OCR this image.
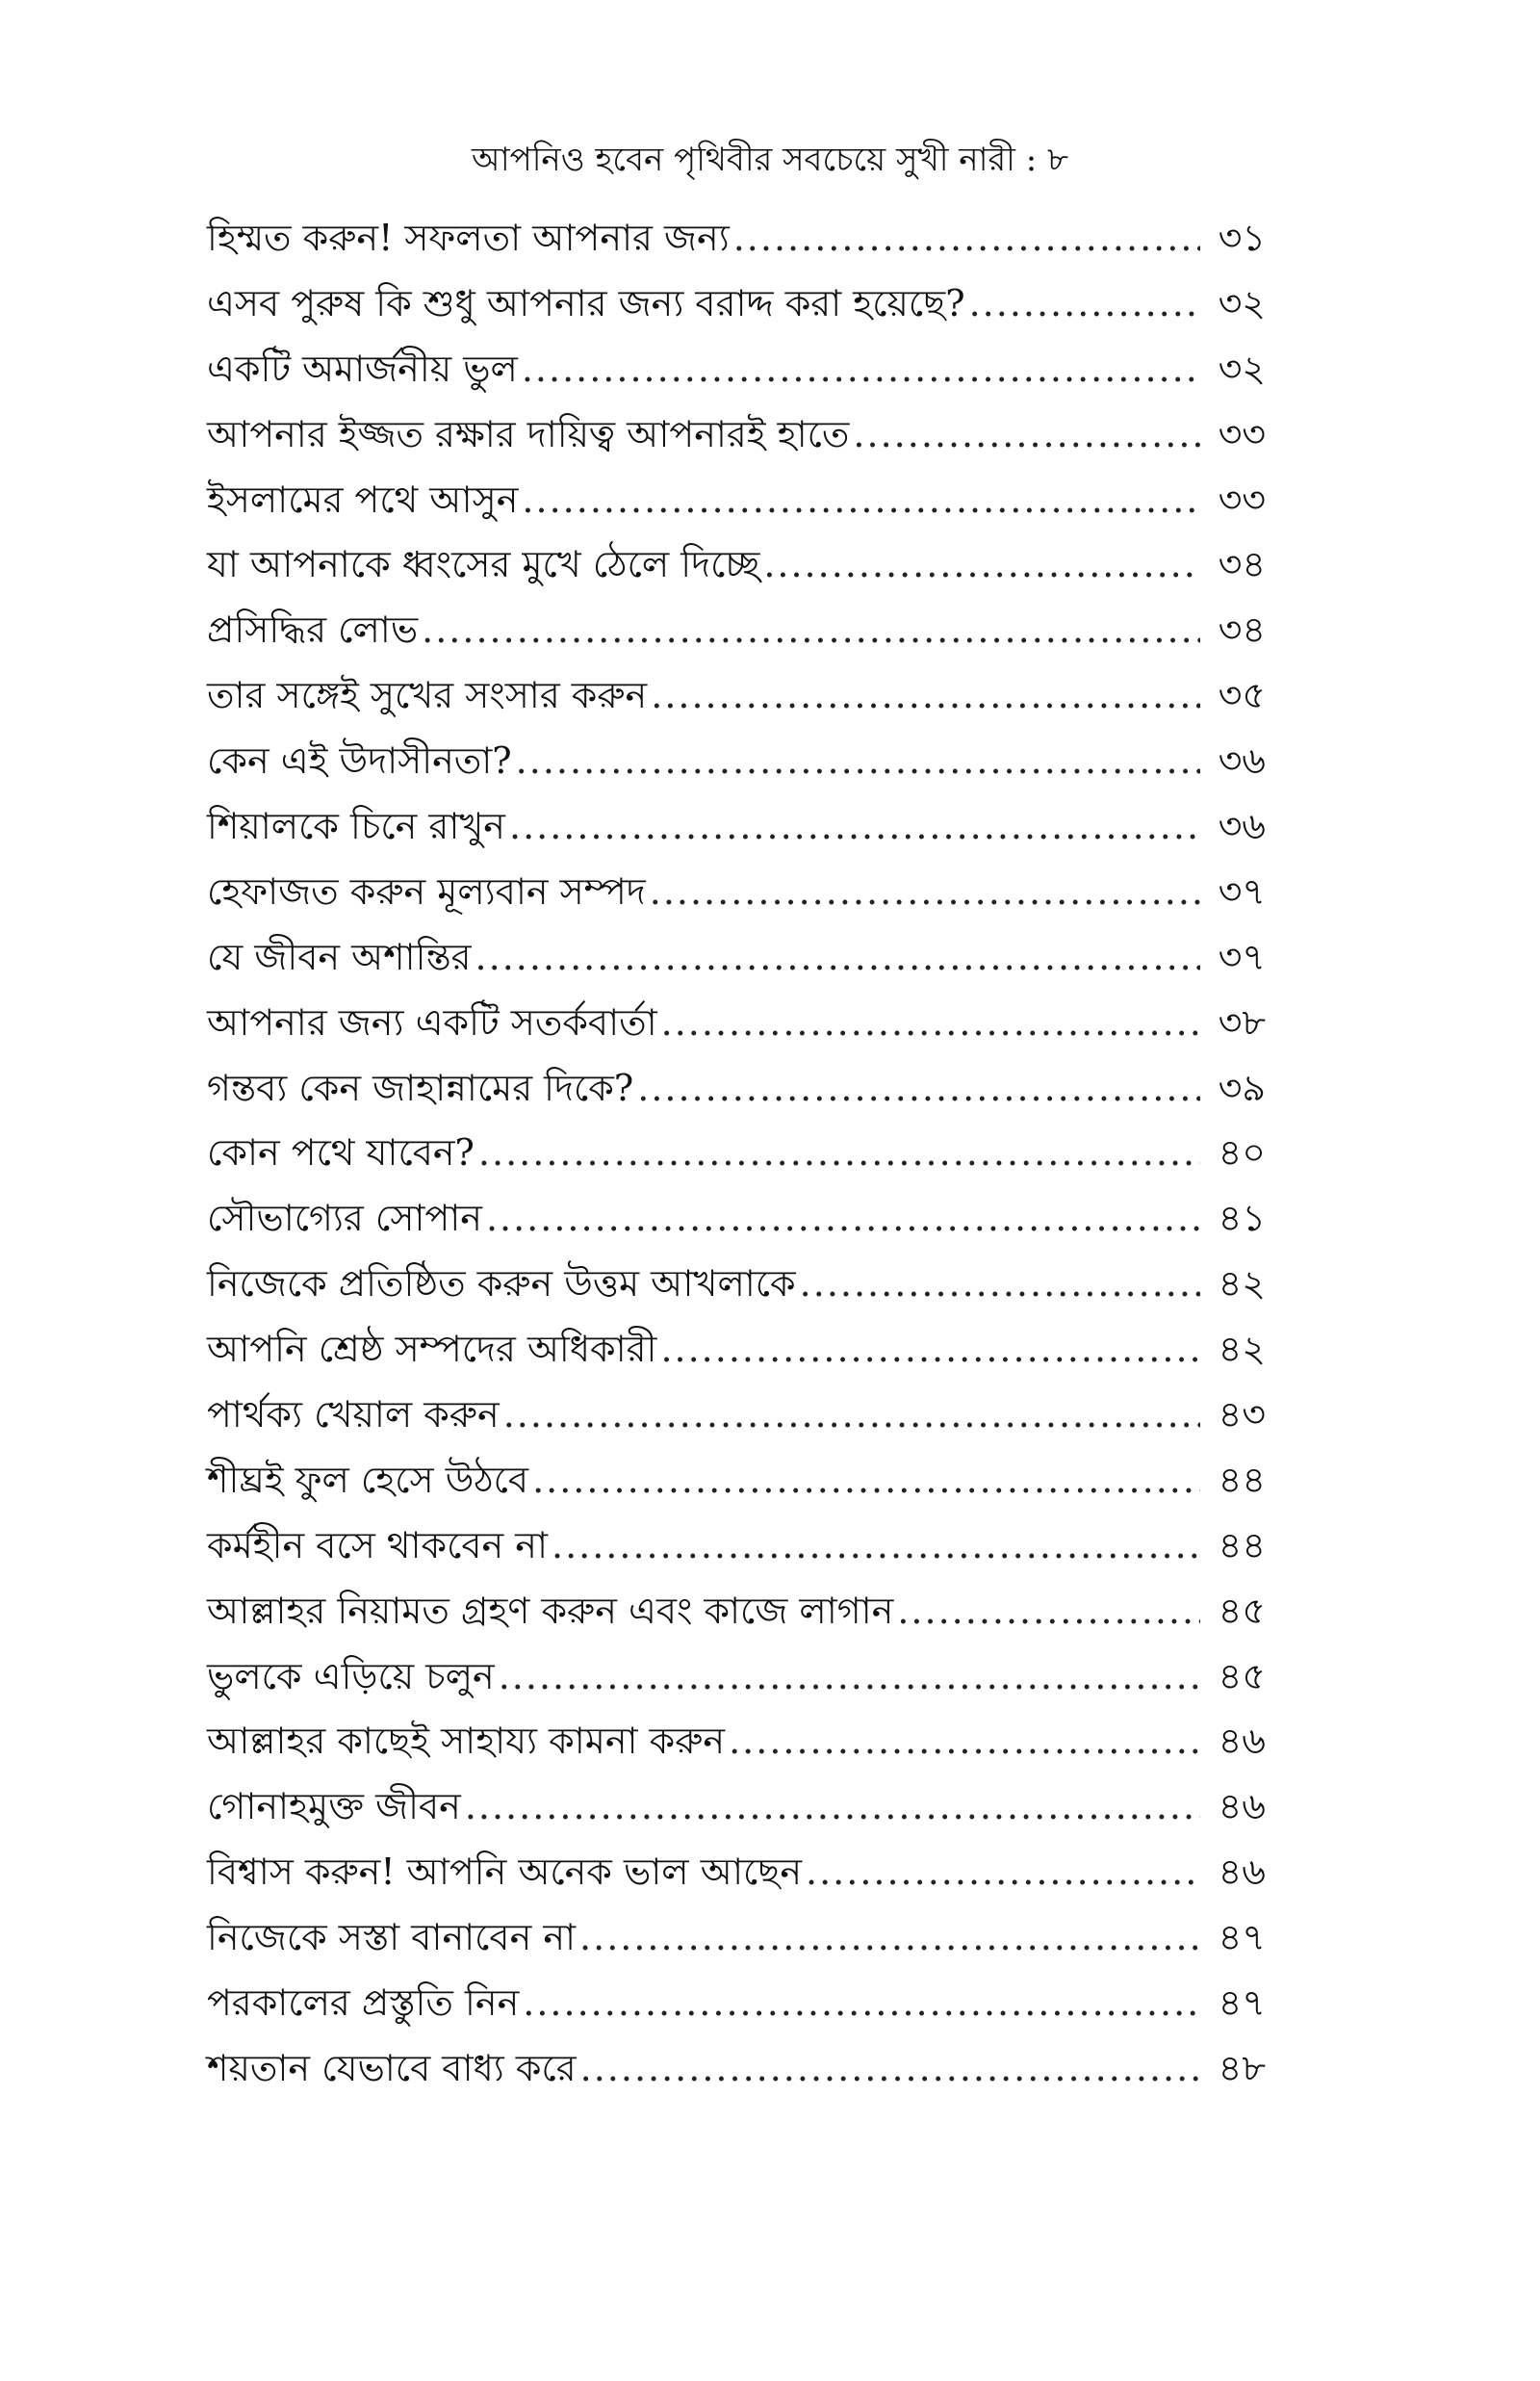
আপনিও হবেন পৃথিবীর সবচেয়ে সুখী নারী : ৮
হিম্মত করুন! সফলতা আপনার জন্য .....	৩১
এসব পুরুষ কি শুধু আপনার জন্য বরাদ্দ করা হয়েছে? .....	৩২
একটি অমার্জনীয় ভুল .....	৩২
আপনার ইজ্জত রক্ষার দায়িত্ব আপনারই হাতে .....	৩৩
ইসলামের পথে আসুন .....	৩৩
যা আপনাকে ধ্বংসের মুখে ঠেলে দিচ্ছে .....	৩৪
প্রসিদ্ধির লোভ .....	৩৪
তার সঙ্গেই সুখের সংসার করুন .....	৩৫
কেন এই উদাসীনতা? .....	৩৬
শিয়ালকে চিনে রাখুন .....	৩৬
হেফাজত করুন মূল্যবান সম্পদ .....	৩৭
যে জীবন অশান্তির .....	৩৭
আপনার জন্য একটি সতর্কবার্তা .....	৩৮
গন্তব্য কেন জাহান্নামের দিকে? .....	৩৯
কোন পথে যাবেন? .....	৪০
সৌভাগ্যের সোপান .....	৪১
নিজেকে প্রতিষ্ঠিত করুন উত্তম আখলাকে .....	৪২
আপনি শ্রেষ্ঠ সম্পদের অধিকারী .....	৪২
পার্থক্য খেয়াল করুন .....	৪৩
শীঘ্রই ফুল হেসে উঠবে .....	৪৪
কর্মহীন বসে থাকবেন না .....	৪৪
আল্লাহর নিয়ামত গ্রহণ করুন এবং কাজে লাগান .....	৪৫
ভুলকে এড়িয়ে চলুন .....	৪৫
আল্লাহর কাছেই সাহায্য কামনা করুন .....	৪৬
গোনাহমুক্ত জীবন .....	৪৬
বিশ্বাস করুন! আপনি অনেক ভাল আছেন .....	৪৬
নিজেকে সস্তা বানাবেন না .....	৪৭
পরকালের প্রস্তুতি নিন .....	৪৭
শয়তান যেভাবে বাধ্য করে .....	৪৮
